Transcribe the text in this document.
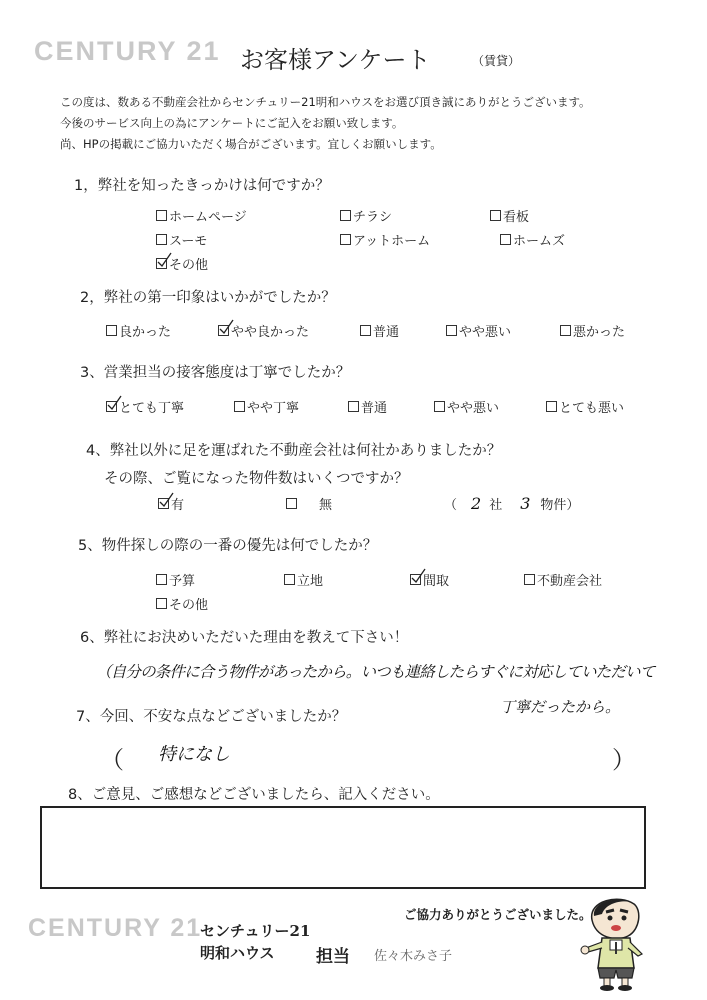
CENTURY 21 お客様アンケート	（賃貸）
この度は、数ある不動産会社からセンチュリー21明和ハウスをお選び頂き誠にありがとうございます。
今後のサービス向上の為にアンケートにご記入をお願い致します。
尚、HPの掲載にご協力いただく場合がございます。宜しくお願いします。
1，弊社を知ったきっかけは何ですか？
ホームページ	チラシ	看板
スーモ	アットホーム	ホームズ
その他
2，弊社の第一印象はいかがでしたか？
良かった	やや良かった	普通	やや悪い	悪かった
3、営業担当の接客態度は丁寧でしたか？
とても丁寧	やや丁寧	普通	やや悪い	とても悪い
4、弊社以外に足を運ばれた不動産会社は何社かありましたか？
その際、ご覧になった物件数はいくつですか？
有	無	（ 2 社 3 物件）
5、物件探しの際の一番の優先は何でしたか？
予算	立地	間取	不動産会社
その他
6、弊社にお決めいただいた理由を教えて下さい！
（自分の条件に合う物件があったから。いつも連絡したらすぐに対応していただいて
丁寧だったから。
7、今回、不安な点などございましたか？
（ 特になし	）
8、ご意見、ご感想などございましたら、記入ください。
ご協力ありがとうございました。
CENTURY 21
センチュリー21
明和ハウス 担当 佐々木みさ子
